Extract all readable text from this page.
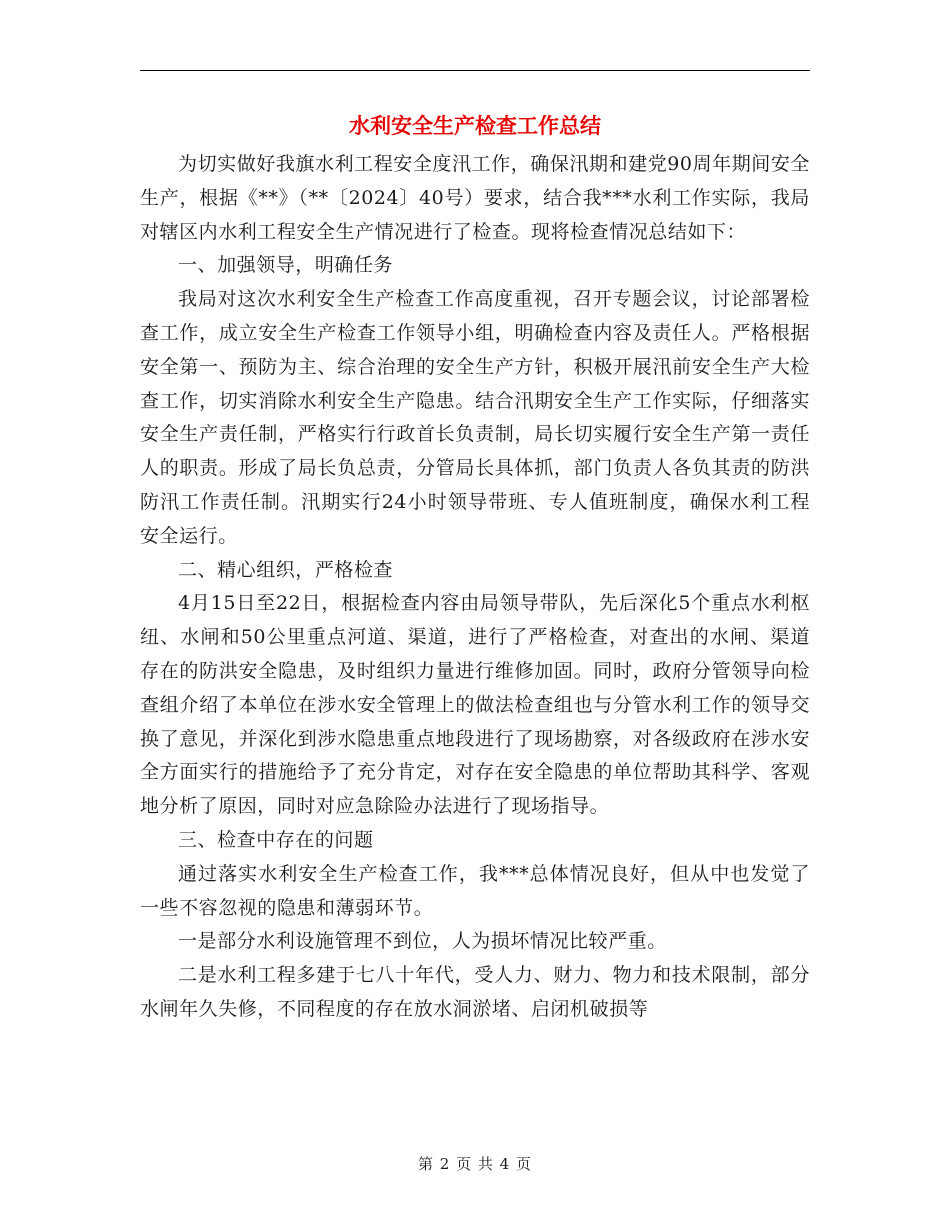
水利安全生产检查工作总结

为切实做好我旗水利工程安全度汛工作，确保汛期和建党90周年期间安全生产，根据《**》（**〔2024〕40号）要求，结合我***水利工作实际，我局对辖区内水利工程安全生产情况进行了检查。现将检查情况总结如下：

一、加强领导，明确任务

我局对这次水利安全生产检查工作高度重视，召开专题会议，讨论部署检查工作，成立安全生产检查工作领导小组，明确检查内容及责任人。严格根据安全第一、预防为主、综合治理的安全生产方针，积极开展汛前安全生产大检查工作，切实消除水利安全生产隐患。结合汛期安全生产工作实际，仔细落实安全生产责任制，严格实行行政首长负责制，局长切实履行安全生产第一责任人的职责。形成了局长负总责，分管局长具体抓，部门负责人各负其责的防洪防汛工作责任制。汛期实行24小时领导带班、专人值班制度，确保水利工程安全运行。

二、精心组织，严格检查

4月15日至22日，根据检查内容由局领导带队，先后深化5个重点水利枢纽、水闸和50公里重点河道、渠道，进行了严格检查，对查出的水闸、渠道存在的防洪安全隐患，及时组织力量进行维修加固。同时，政府分管领导向检查组介绍了本单位在涉水安全管理上的做法检查组也与分管水利工作的领导交换了意见，并深化到涉水隐患重点地段进行了现场勘察，对各级政府在涉水安全方面实行的措施给予了充分肯定，对存在安全隐患的单位帮助其科学、客观地分析了原因，同时对应急除险办法进行了现场指导。

三、检查中存在的问题

通过落实水利安全生产检查工作，我***总体情况良好，但从中也发觉了一些不容忽视的隐患和薄弱环节。

一是部分水利设施管理不到位，人为损坏情况比较严重。

二是水利工程多建于七八十年代，受人力、财力、物力和技术限制，部分水闸年久失修，不同程度的存在放水洞淤堵、启闭机破损等

第 2 页 共 4 页
